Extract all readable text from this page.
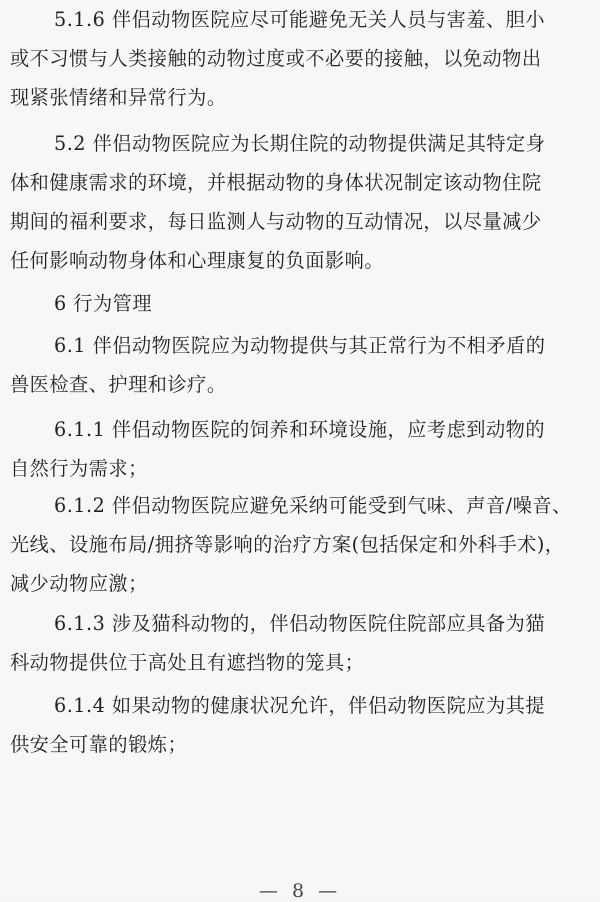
5.1.6 伴侣动物医院应尽可能避免无关人员与害羞、胆小
或不习惯与人类接触的动物过度或不必要的接触，以免动物出
现紧张情绪和异常行为。
5.2 伴侣动物医院应为长期住院的动物提供满足其特定身
体和健康需求的环境，并根据动物的身体状况制定该动物住院
期间的福利要求，每日监测人与动物的互动情况，以尽量减少
任何影响动物身体和心理康复的负面影响。
6 行为管理
6.1 伴侣动物医院应为动物提供与其正常行为不相矛盾的
兽医检查、护理和诊疗。
6.1.1 伴侣动物医院的饲养和环境设施，应考虑到动物的
自然行为需求；
6.1.2 伴侣动物医院应避免采纳可能受到气味、声音/噪音、
光线、设施布局/拥挤等影响的治疗方案(包括保定和外科手术)，
减少动物应激；
6.1.3 涉及猫科动物的，伴侣动物医院住院部应具备为猫
科动物提供位于高处且有遮挡物的笼具；
6.1.4 如果动物的健康状况允许，伴侣动物医院应为其提
供安全可靠的锻炼；
— 8 —
